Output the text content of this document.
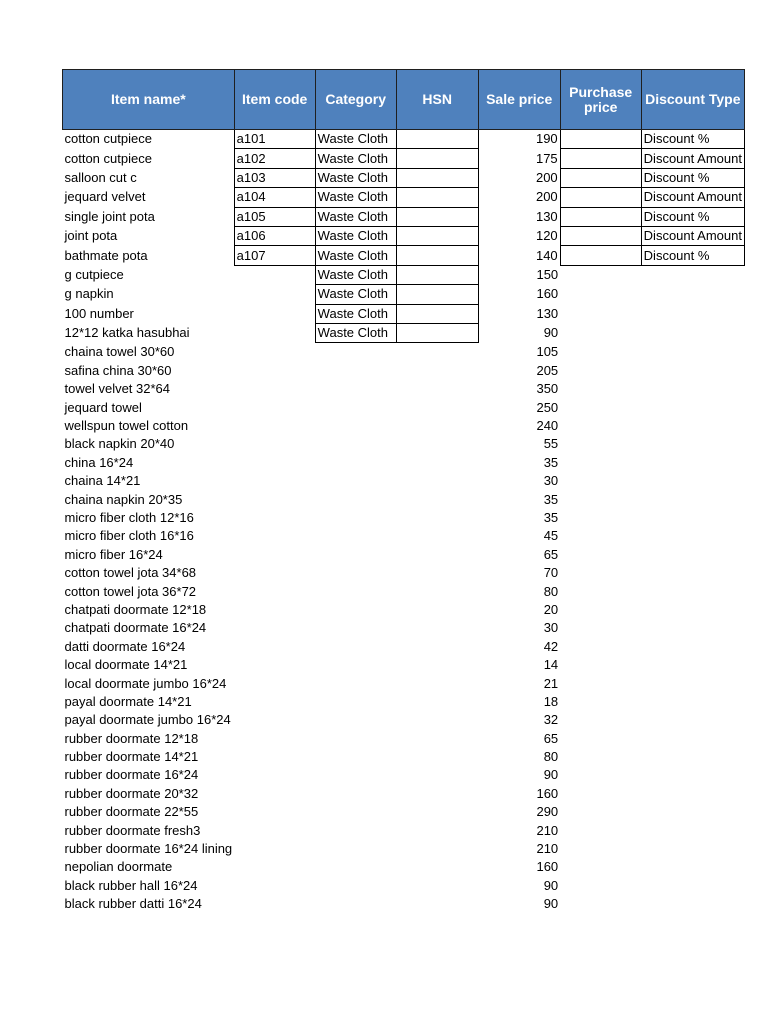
Item name*	Item code	Category	HSN	Sale price	Purchase price	Discount Type
cotton cutpiece	a101	Waste Cloth		190		Discount %
cotton cutpiece	a102	Waste Cloth		175		Discount Amount
salloon cut c	a103	Waste Cloth		200		Discount %
jequard velvet	a104	Waste Cloth		200		Discount Amount
single joint pota	a105	Waste Cloth		130		Discount %
joint pota	a106	Waste Cloth		120		Discount Amount
bathmate pota	a107	Waste Cloth		140		Discount %
g cutpiece		Waste Cloth		150		
g napkin		Waste Cloth		160		
100 number		Waste Cloth		130		
12*12 katka hasubhai		Waste Cloth		90		
chaina towel 30*60				105		
safina china 30*60				205		
towel velvet 32*64				350		
jequard towel				250		
wellspun towel cotton				240		
black napkin 20*40				55		
china 16*24				35		
chaina 14*21				30		
chaina napkin 20*35				35		
micro fiber cloth 12*16				35		
micro fiber cloth 16*16				45		
micro fiber 16*24				65		
cotton towel jota 34*68				70		
cotton towel jota 36*72				80		
chatpati doormate 12*18				20		
chatpati doormate 16*24				30		
datti doormate 16*24				42		
local doormate 14*21				14		
local doormate jumbo 16*24				21		
payal doormate 14*21				18		
payal doormate jumbo 16*24				32		
rubber doormate 12*18				65		
rubber doormate 14*21				80		
rubber doormate 16*24				90		
rubber doormate 20*32				160		
rubber doormate 22*55				290		
rubber doormate fresh3				210		
rubber doormate 16*24 lining				210		
nepolian doormate				160		
black rubber hall 16*24				90		
black rubber datti 16*24				90		
